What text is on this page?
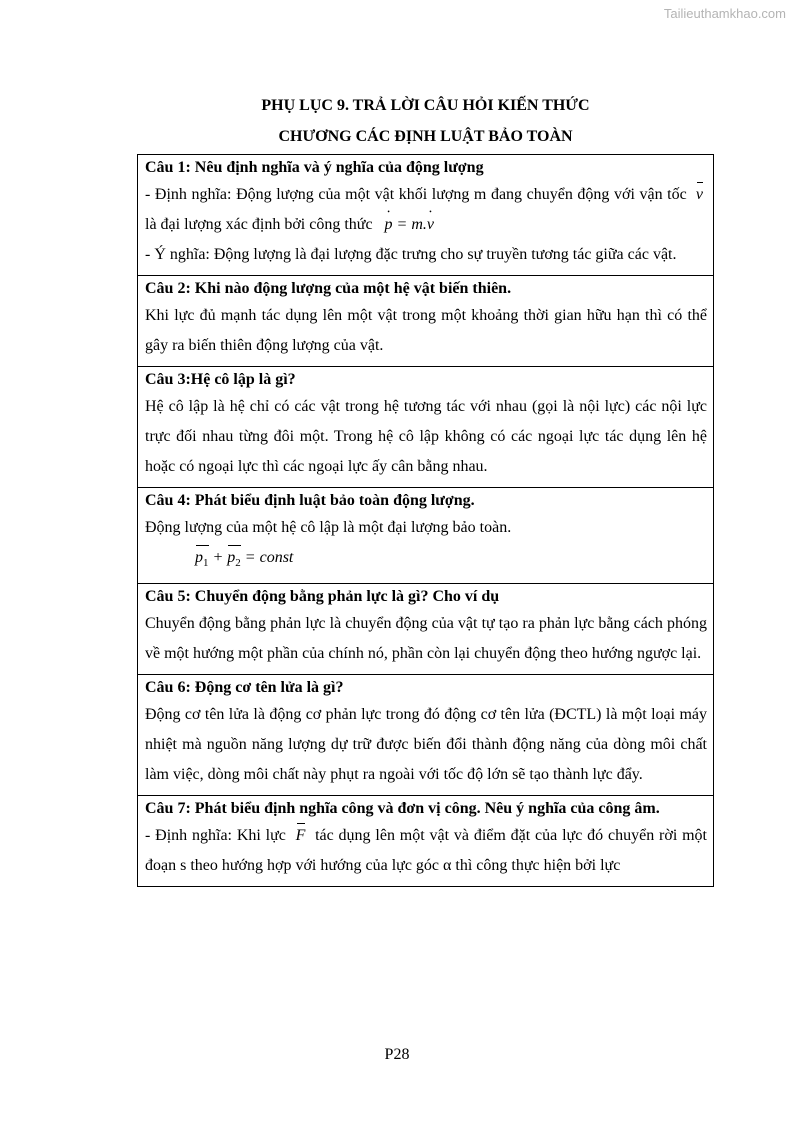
Tailieuthamkhao.com
PHỤ LỤC 9. TRẢ LỜI CÂU HỎI KIẾN THỨC
CHƯƠNG CÁC ĐỊNH LUẬT BẢO TOÀN
Câu 1: Nêu định nghĩa và ý nghĩa của động lượng
- Định nghĩa: Động lượng của một vật khối lượng m đang chuyển động với vận tốc v  là đại lượng xác định bởi công thức   • p = m.• v
- Ý nghĩa: Động lượng là đại lượng đặc trưng cho sự truyền tương tác giữa các vật.

Câu 2: Khi nào động lượng của một hệ vật biến thiên.
Khi lực đủ mạnh tác dụng lên một vật trong một khoảng thời gian hữu hạn thì có thể gây ra biến thiên động lượng của vật.

Câu 3:Hệ cô lập là gì?
Hệ cô lập là hệ chỉ có các vật trong hệ tương tác với nhau (gọi là nội lực) các nội lực trực đối nhau từng đôi một. Trong hệ cô lập không có các ngoại lực tác dụng lên hệ hoặc có ngoại lực thì các ngoại lực ấy cân bằng nhau.

Câu 4: Phát biểu định luật bảo toàn động lượng.
Động lượng của một hệ cô lập là một đại lượng bảo toàn.
$p_1 + p_2$ = const

Câu 5: Chuyển động bằng phản lực là gì? Cho ví dụ
Chuyển động bằng phản lực là chuyển động của vật tự tạo ra phản lực bằng cách phóng về một hướng một phần của chính nó, phần còn lại chuyển động theo hướng ngược lại.

Câu 6: Động cơ tên lửa là gì?
Động cơ tên lửa là động cơ phản lực trong đó động cơ tên lửa (ĐCTL) là một loại máy nhiệt mà nguồn năng lượng dự trữ được biến đổi thành động năng của dòng môi chất làm việc, dòng môi chất này phụt ra ngoài với tốc độ lớn sẽ tạo thành lực đẩy.

Câu 7: Phát biểu định nghĩa công và đơn vị công. Nêu ý nghĩa của công âm.
- Định nghĩa: Khi lực F tác dụng lên một vật và điểm đặt của lực đó chuyển rời một đoạn s theo hướng hợp với hướng của lực góc α thì công thực hiện bởi lực
P28
